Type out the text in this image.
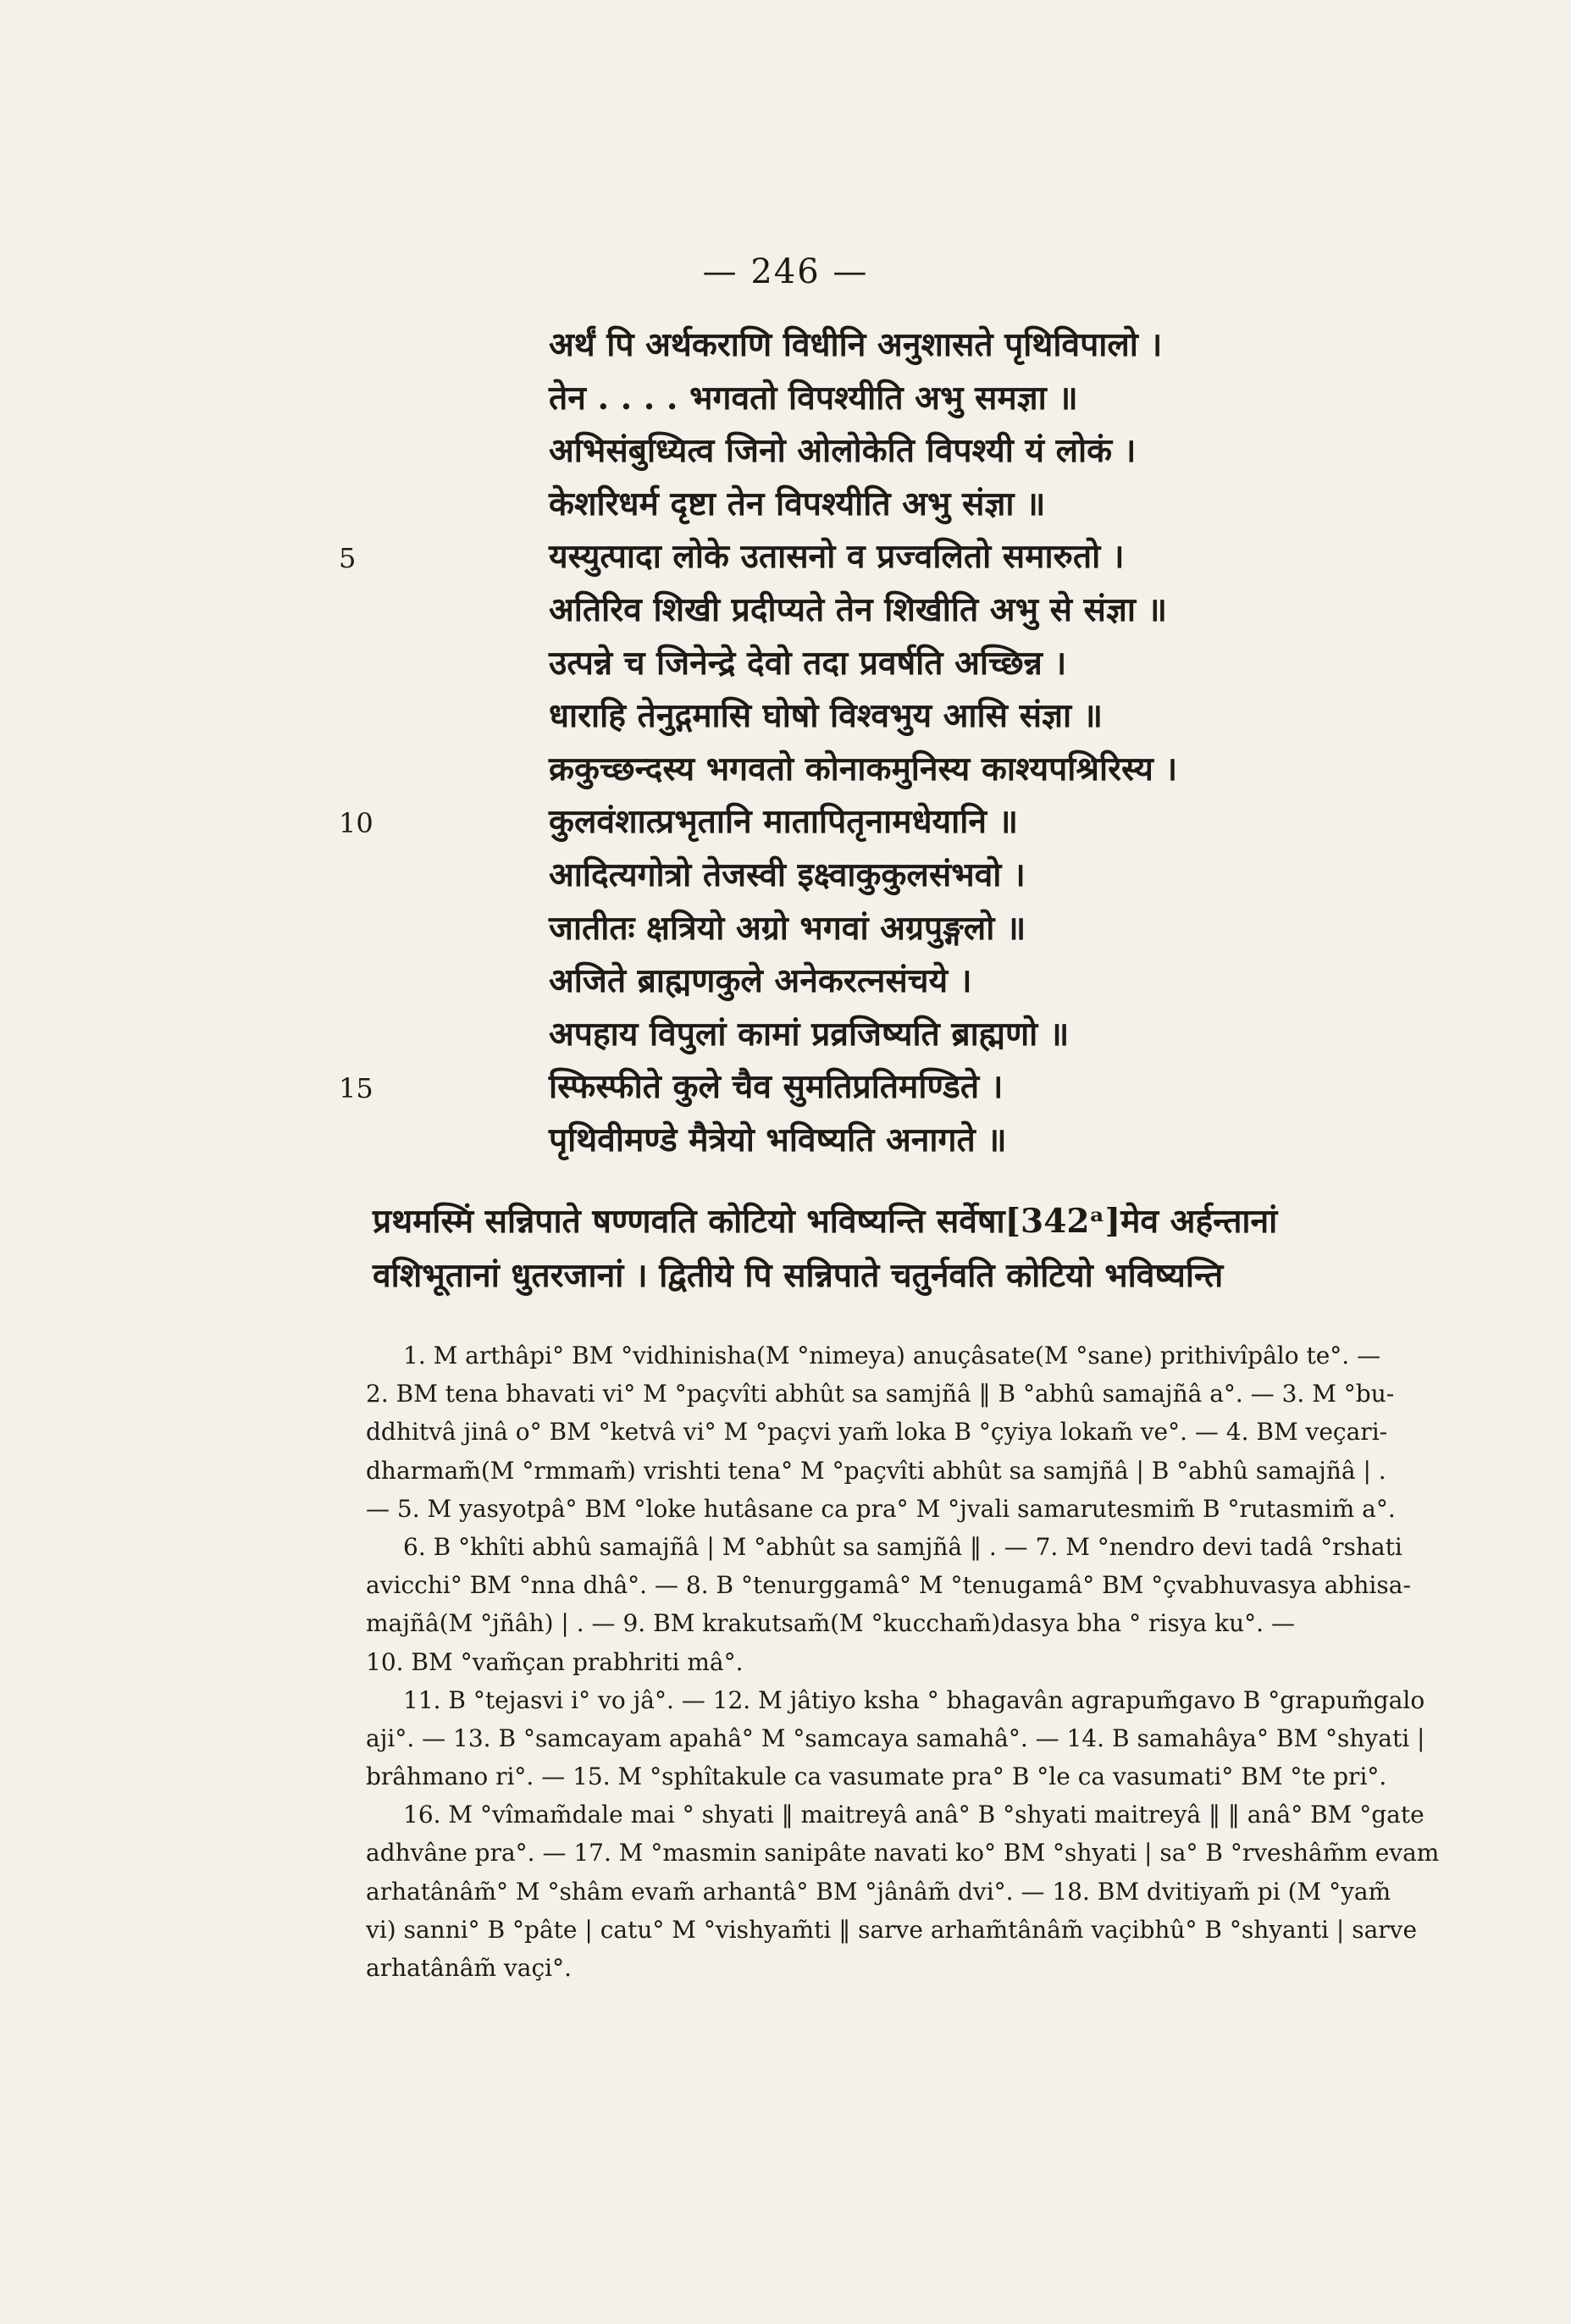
— 246 —
5
10
15
अर्थं पि अर्थकराणि विधीनि अनुशासते पृथिविपालो ।
तेन . . . . भगवतो विपश्यीति अभु समज्ञा ॥
अभिसंबुध्यित्व जिनो ओलोकेति विपश्यी यं लोकं ।
केशरिधर्म दृष्टा तेन विपश्यीति अभु संज्ञा ॥
यस्युत्पादा लोके उतासनो व प्रज्वलितो समारुतो ।
अतिरिव शिखी प्रदीप्यते तेन शिखीति अभु से संज्ञा ॥
उत्पन्ने च जिनेन्द्रे देवो तदा प्रवर्षति अच्छिन्न ।
धाराहि तेनुद्गमासि घोषो विश्वभुय आसि संज्ञा ॥
क्रकुच्छन्दस्य भगवतो कोनाकमुनिस्य काश्यपश्रिरिस्य ।
कुलवंशात्प्रभृतानि मातापितृनामधेयानि ॥
आदित्यगोत्रो तेजस्वी इक्ष्वाकुकुलसंभवो ।
जातीतः क्षत्रियो अग्रो भगवां अग्रपुङ्गलो ॥
अजिते ब्राह्मणकुले अनेकरत्नसंचये ।
अपहाय विपुलां कामां प्रव्रजिष्यति ब्राह्मणो ॥
स्फिस्फीते कुले चैव सुमतिप्रतिमण्डिते ।
पृथिवीमण्डे मैत्रेयो भविष्यति अनागते ॥
प्रथमस्मिं सन्निपाते षण्णवति कोटियो भविष्यन्ति सर्वेषा[342ᵃ]मेव अर्हन्तानां
वशिभूतानां धुतरजानां । द्वितीये पि सन्निपाते चतुर्नवति कोटियो भविष्यन्ति
1. M arthâpi° BM °vidhinisha(M °nimeya) anuçâsate(M °sane) prithivîpâlo te°. —
2. BM tena bhavati vi° M °paçvîti abhût sa samjñâ ‖ B °abhû samajñâ a°. — 3. M °bu-
ddhitvâ jinâ o° BM °ketvâ vi° M °paçvi yam̃ loka B °çyiya lokam̃ ve°. — 4. BM veçari-
dharmam̃(M °rmmam̃) vrishti tena° M °paçvîti abhût sa samjñâ | B °abhû samajñâ | .
— 5. M yasyotpâ° BM °loke hutâsane ca pra° M °jvali samarutesmim̃ B °rutasmim̃ a°.
6. B °khîti abhû samajñâ | M °abhût sa samjñâ ‖ . — 7. M °nendro devi tadâ °rshati
avicchi° BM °nna dhâ°. — 8. B °tenurggamâ° M °tenugamâ° BM °çvabhuvasya abhisa-
majñâ(M °jñâh) | . — 9. BM krakutsam̃(M °kuccham̃)dasya bha ° risya ku°. —
10. BM °vam̃çan prabhriti mâ°.
11. B °tejasvi i° vo jâ°. — 12. M jâtiyo ksha ° bhagavân agrapum̃gavo B °grapum̃galo
aji°. — 13. B °samcayam apahâ° M °samcaya samahâ°. — 14. B samahâya° BM °shyati |
brâhmano ri°. — 15. M °sphîtakule ca vasumate pra° B °le ca vasumati° BM °te pri°.
16. M °vîmam̃dale mai ° shyati ‖ maitreyâ anâ° B °shyati maitreyâ ‖ ‖ anâ° BM °gate
adhvâne pra°. — 17. M °masmin sanipâte navati ko° BM °shyati | sa° B °rveshâm̃m evam
arhatânâm̃° M °shâm evam̃ arhantâ° BM °jânâm̃ dvi°. — 18. BM dvitiyam̃ pi (M °yam̃
vi) sanni° B °pâte | catu° M °vishyam̃ti ‖ sarve arham̃tânâm̃ vaçibhû° B °shyanti | sarve
arhatânâm̃ vaçi°.
